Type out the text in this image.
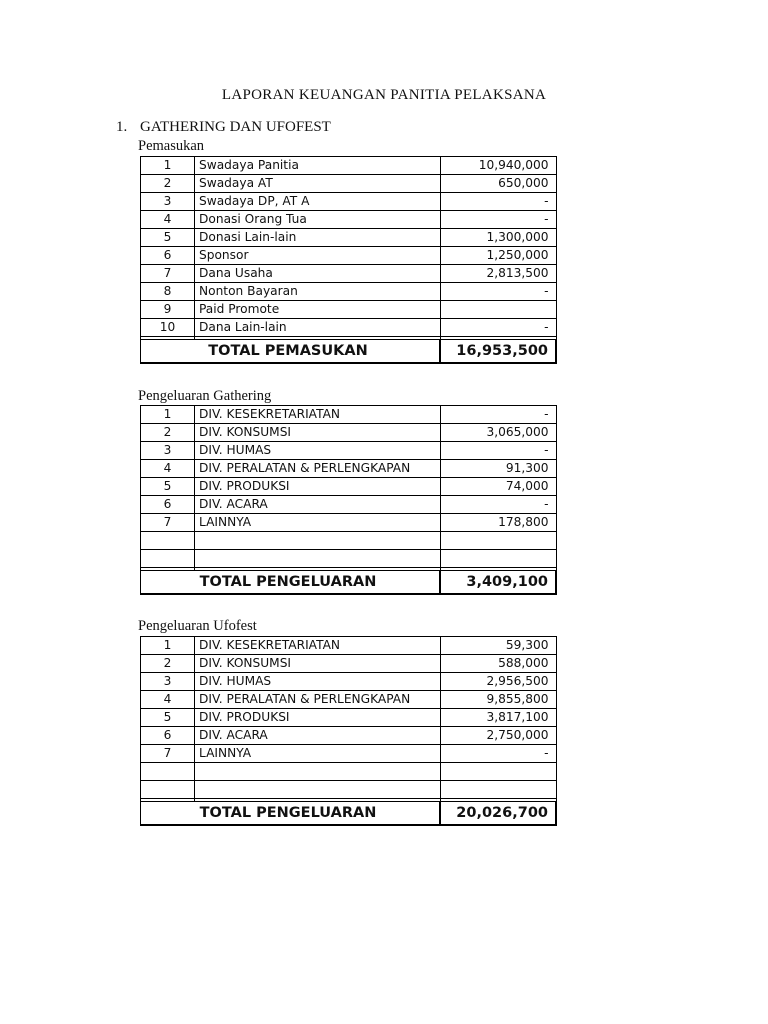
LAPORAN KEUANGAN PANITIA PELAKSANA
1. GATHERING DAN UFOFEST
Pemasukan
1	Swadaya Panitia	10,940,000
2	Swadaya AT	650,000
3	Swadaya DP, AT A	-
4	Donasi Orang Tua	-
5	Donasi Lain-lain	1,300,000
6	Sponsor	1,250,000
7	Dana Usaha	2,813,500
8	Nonton Bayaran	-
9	Paid Promote	
10	Dana Lain-lain	-

TOTAL PEMASUKAN		16,953,500
Pengeluaran Gathering
1	DIV. KESEKRETARIATAN	-
2	DIV. KONSUMSI	3,065,000
3	DIV. HUMAS	-
4	DIV. PERALATAN & PERLENGKAPAN	91,300
5	DIV. PRODUKSI	74,000
6	DIV. ACARA	-
7	LAINNYA	178,800

TOTAL PENGELUARAN		3,409,100
Pengeluaran Ufofest
1	DIV. KESEKRETARIATAN	59,300
2	DIV. KONSUMSI	588,000
3	DIV. HUMAS	2,956,500
4	DIV. PERALATAN & PERLENGKAPAN	9,855,800
5	DIV. PRODUKSI	3,817,100
6	DIV. ACARA	2,750,000
7	LAINNYA	-

TOTAL PENGELUARAN		20,026,700
